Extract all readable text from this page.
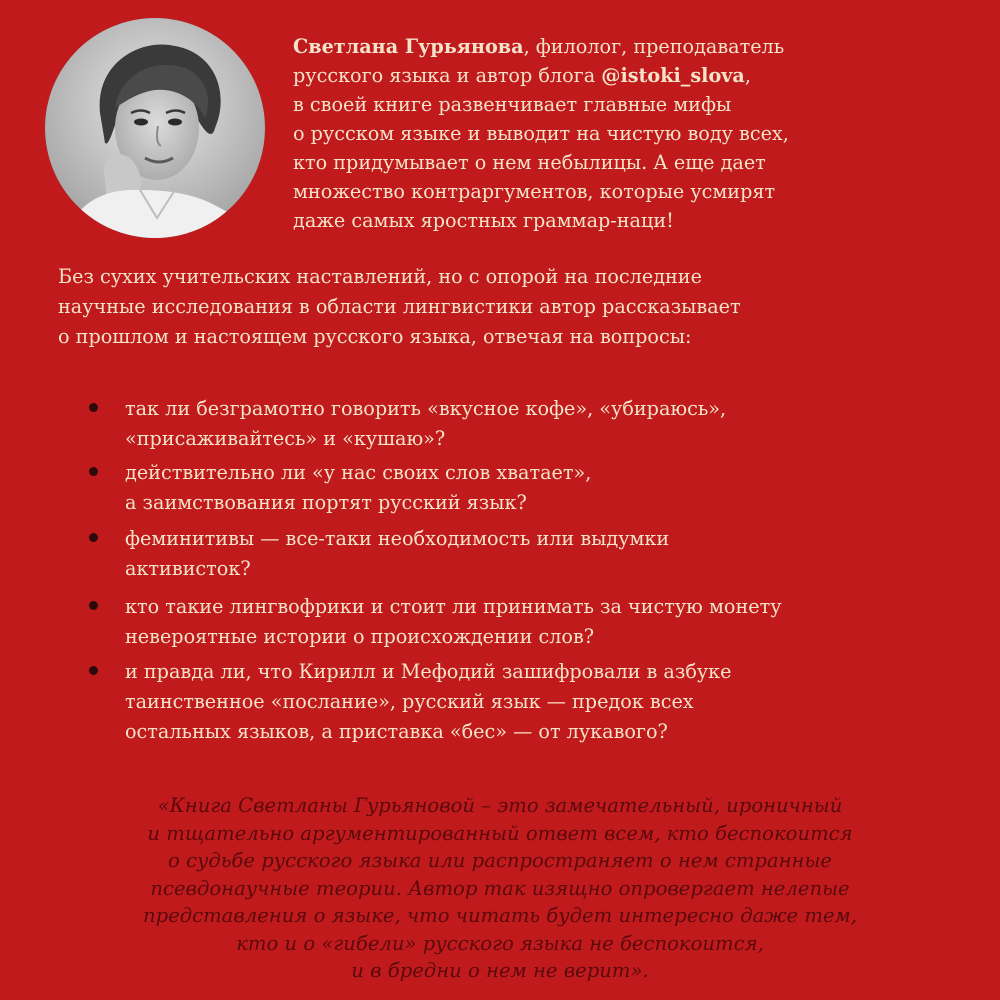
Светлана Гурьянова, филолог, преподаватель
русского языка и автор блога @istoki_slova,
в своей книге развенчивает главные мифы
о русском языке и выводит на чистую воду всех,
кто придумывает о нем небылицы. А еще дает
множество контраргументов, которые усмирят
даже самых яростных граммар-наци!
Без сухих учительских наставлений, но с опорой на последние
научные исследования в области лингвистики автор рассказывает
о прошлом и настоящем русского языка, отвечая на вопросы:
так ли безграмотно говорить «вкусное кофе», «убираюсь»,
«присаживайтесь» и «кушаю»?
действительно ли «у нас своих слов хватает»,
а заимствования портят русский язык?
феминитивы — все-таки необходимость или выдумки
активисток?
кто такие лингвофрики и стоит ли принимать за чистую монету
невероятные истории о происхождении слов?
и правда ли, что Кирилл и Мефодий зашифровали в азбуке
таинственное «послание», русский язык — предок всех
остальных языков, а приставка «бес» — от лукавого?
«Книга Светланы Гурьяновой – это замечательный, ироничный
и тщательно аргументированный ответ всем, кто беспокоится
о судьбе русского языка или распространяет о нем странные
псевдонаучные теории. Автор так изящно опровергает нелепые
представления о языке, что читать будет интересно даже тем,
кто и о «гибели» русского языка не беспокоится,
и в бредни о нем не верит».
